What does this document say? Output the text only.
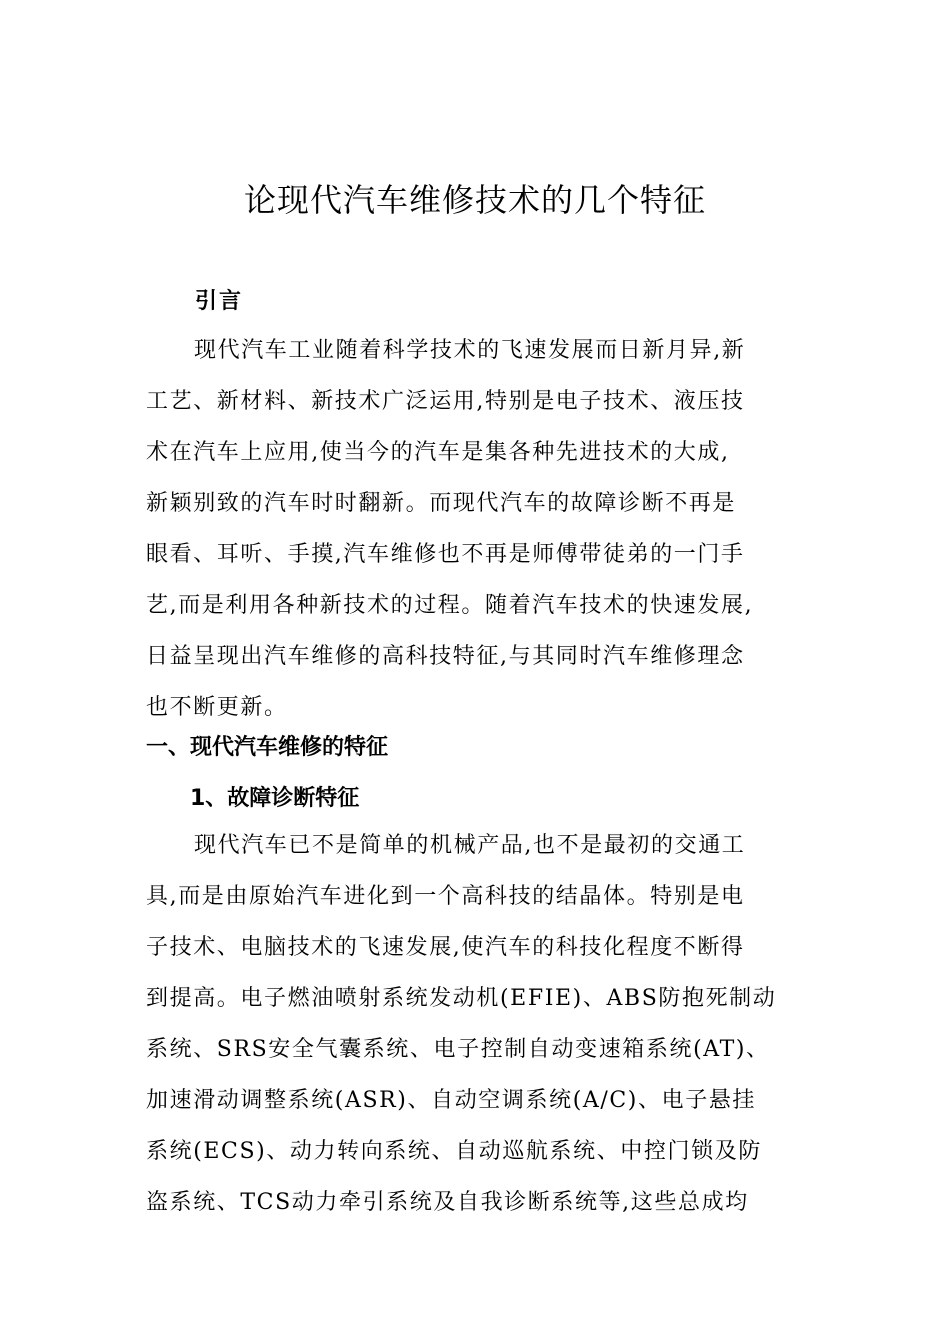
论现代汽车维修技术的几个特征
引言
现代汽车工业随着科学技术的飞速发展而日新月异,新
工艺、新材料、新技术广泛运用,特别是电子技术、液压技
术在汽车上应用,使当今的汽车是集各种先进技术的大成,
新颖别致的汽车时时翻新。而现代汽车的故障诊断不再是
眼看、耳听、手摸,汽车维修也不再是师傅带徒弟的一门手
艺,而是利用各种新技术的过程。随着汽车技术的快速发展,
日益呈现出汽车维修的高科技特征,与其同时汽车维修理念
也不断更新。
一、现代汽车维修的特征
1、故障诊断特征
现代汽车已不是简单的机械产品,也不是最初的交通工
具,而是由原始汽车进化到一个高科技的结晶体。特别是电
子技术、电脑技术的飞速发展,使汽车的科技化程度不断得
到提高。电子燃油喷射系统发动机(EFIE)、ABS防抱死制动
系统、SRS安全气囊系统、电子控制自动变速箱系统(AT)、
加速滑动调整系统(ASR)、自动空调系统(A/C)、电子悬挂
系统(ECS)、动力转向系统、自动巡航系统、中控门锁及防
盗系统、TCS动力牵引系统及自我诊断系统等,这些总成均
